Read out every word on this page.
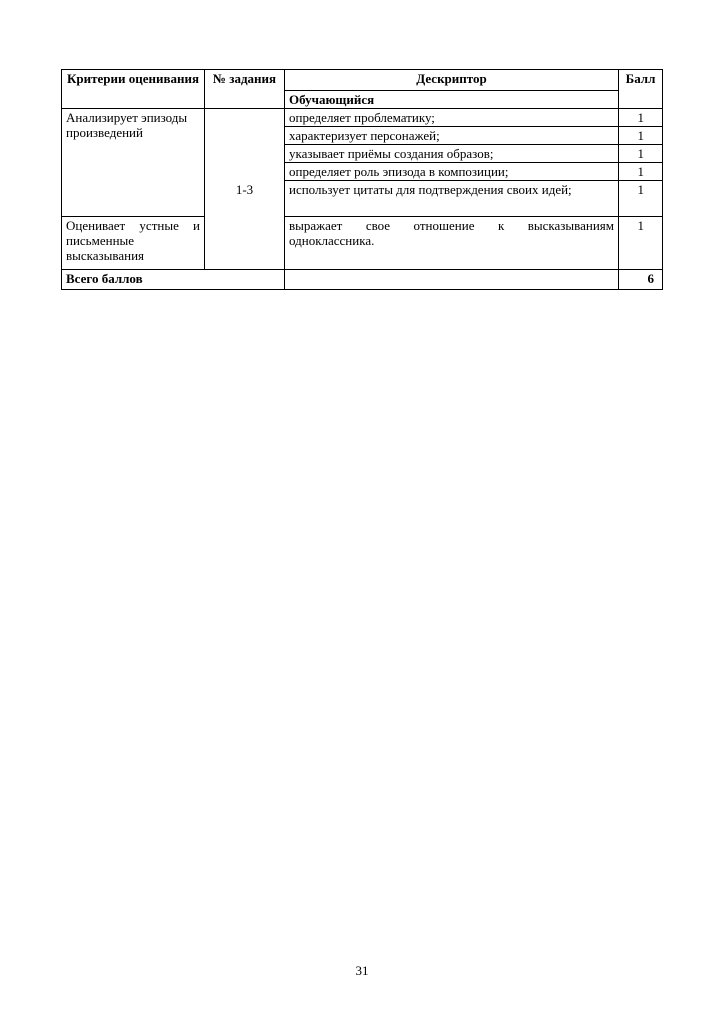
Критерии оценивания	№ задания	Дескриптор	Балл
		Обучающийся	
Анализирует эпизоды произведений	1-3	определяет проблематику;	1
		характеризует персонажей;	1
		указывает приёмы создания образов;	1
		определяет роль эпизода в композиции;	1
		использует цитаты для подтверждения своих идей;	1
Оценивает устные и письменные высказывания		выражает свое отношение к высказываниям одноклассника.	1
Всего баллов			6
31
